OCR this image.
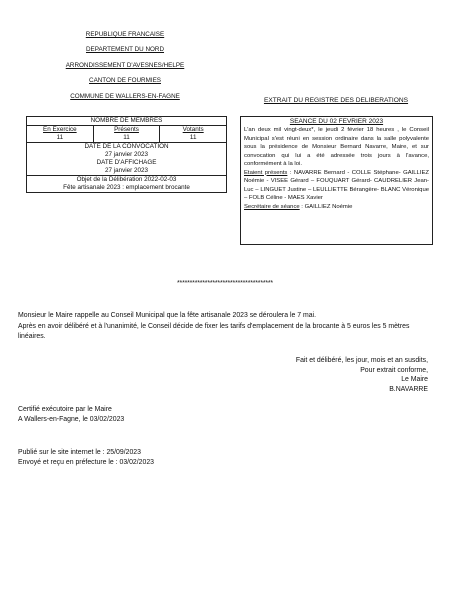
REPUBLIQUE FRANCAISE
DEPARTEMENT DU NORD
ARRONDISSEMENT D'AVESNES/HELPE
CANTON DE FOURMIES
COMMUNE DE WALLERS-EN-FAGNE
EXTRAIT DU REGISTRE DES DELIBERATIONS
NOMBRE DE MEMBRES
En Exercice
11
Présents
11
Votants
11
DATE DE LA CONVOCATION
27 janvier 2023
DATE D'AFFICHAGE
27 janvier 2023
Objet de la Délibération 2022-02-03
Fête artisanale 2023 : emplacement brocante
SEANCE DU 02 FEVRIER 2023

L'an deux mil vingt-deux*, le jeudi 2 février 18 heures , le Conseil Municipal s'est réuni en session ordinaire dans la salle polyvalente sous la présidence de Monsieur Bernard Navarre, Maire, et sur convocation qui lui a été adressée trois jours à l'avance, conformément à la loi.

Etaient présents : NAVARRE Bernard - COLLE Stéphane- GAILLIEZ Noémie - VISEE Gérard – FOUQUART Gérard- CAUDRELIER Jean-Luc – LINGUET Justine – LEULLIETTE Bérangère- BLANC Véronique – FOLB Céline - MAES Xavier

Secrétaire de séance : GAILLIEZ Noémie

**************************************
Monsieur le Maire rappelle au Conseil Municipal que la fête artisanale 2023 se déroulera le 7 mai.
Après en avoir délibéré et à l'unanimité, le Conseil décide de fixer les tarifs d'emplacement de la brocante à 5 euros les 5 mètres linéaires.
Fait et délibéré, les jour, mois et an susdits,
Pour extrait conforme,
Le Maire
B.NAVARRE
Certifié exécutoire par le Maire
A Wallers-en-Fagne, le 03/02/2023
Publié sur le site internet le : 25/09/2023
Envoyé et reçu en préfecture le : 03/02/2023
